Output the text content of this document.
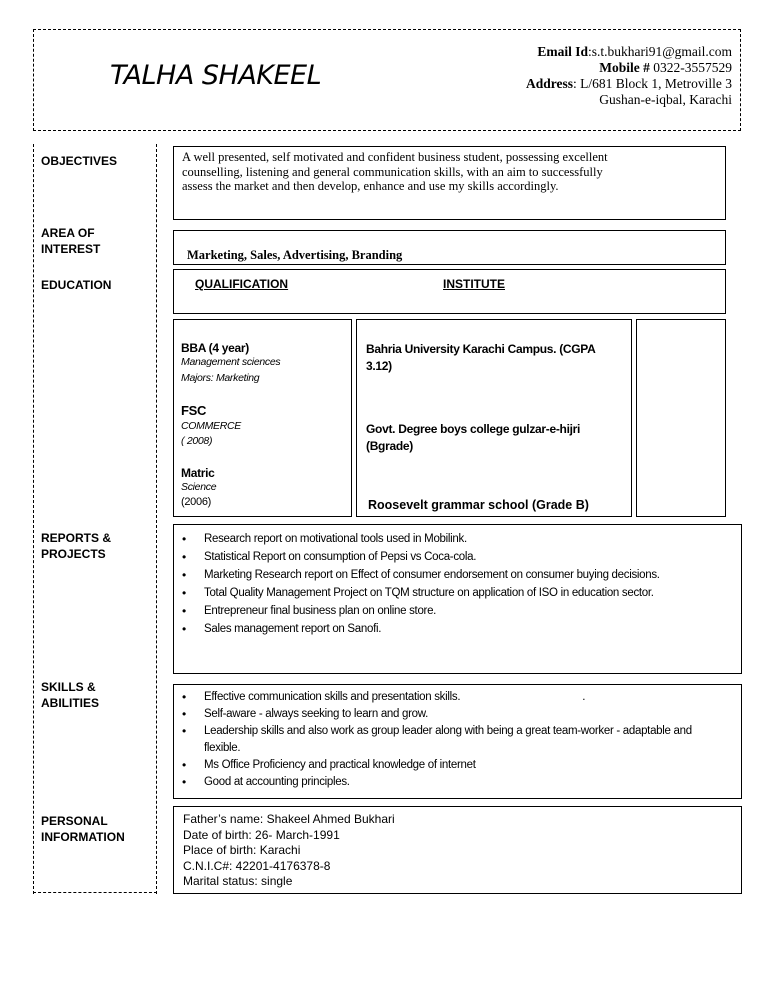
TALHA SHAKEEL
Email Id:s.t.bukhari91@gmail.com
Mobile # 0322-3557529
Address: L/681 Block 1, Metroville 3
Gushan-e-iqbal, Karachi
OBJECTIVES
AREA OF
INTEREST
EDUCATION
REPORTS &
PROJECTS
SKILLS &
ABILITIES
PERSONAL
INFORMATION
A well presented, self motivated and confident business student, possessing excellent
counselling, listening and general communication skills, with an aim to successfully
assess the market and then develop, enhance and use my skills accordingly.
Marketing, Sales, Advertising, Branding
QUALIFICATION	INSTITUTE
BBA (4 year)
Management sciences
Majors: Marketing
FSC
COMMERCE
( 2008)
Matric
Science
(2006)
Bahria University Karachi Campus. (CGPA
3.12)
Govt. Degree boys college gulzar-e-hijri
(Bgrade)
Roosevelt grammar school (Grade B)
• Research report on motivational tools used in Mobilink.
• Statistical Report on consumption of Pepsi vs Coca-cola.
• Marketing Research report on Effect of consumer endorsement on consumer buying decisions.
• Total Quality Management Project on TQM structure on application of ISO in education sector.
• Entrepreneur final business plan on online store.
• Sales management report on Sanofi.
• Effective communication skills and presentation skills.	.
• Self-aware - always seeking to learn and grow.
• Leadership skills and also work as group leader along with being a great team-worker - adaptable and
flexible.
• Ms Office Proficiency and practical knowledge of internet
• Good at accounting principles.
Father’s name: Shakeel Ahmed Bukhari
Date of birth: 26- March-1991
Place of birth: Karachi
C.N.I.C#: 42201-4176378-8
Marital status: single
